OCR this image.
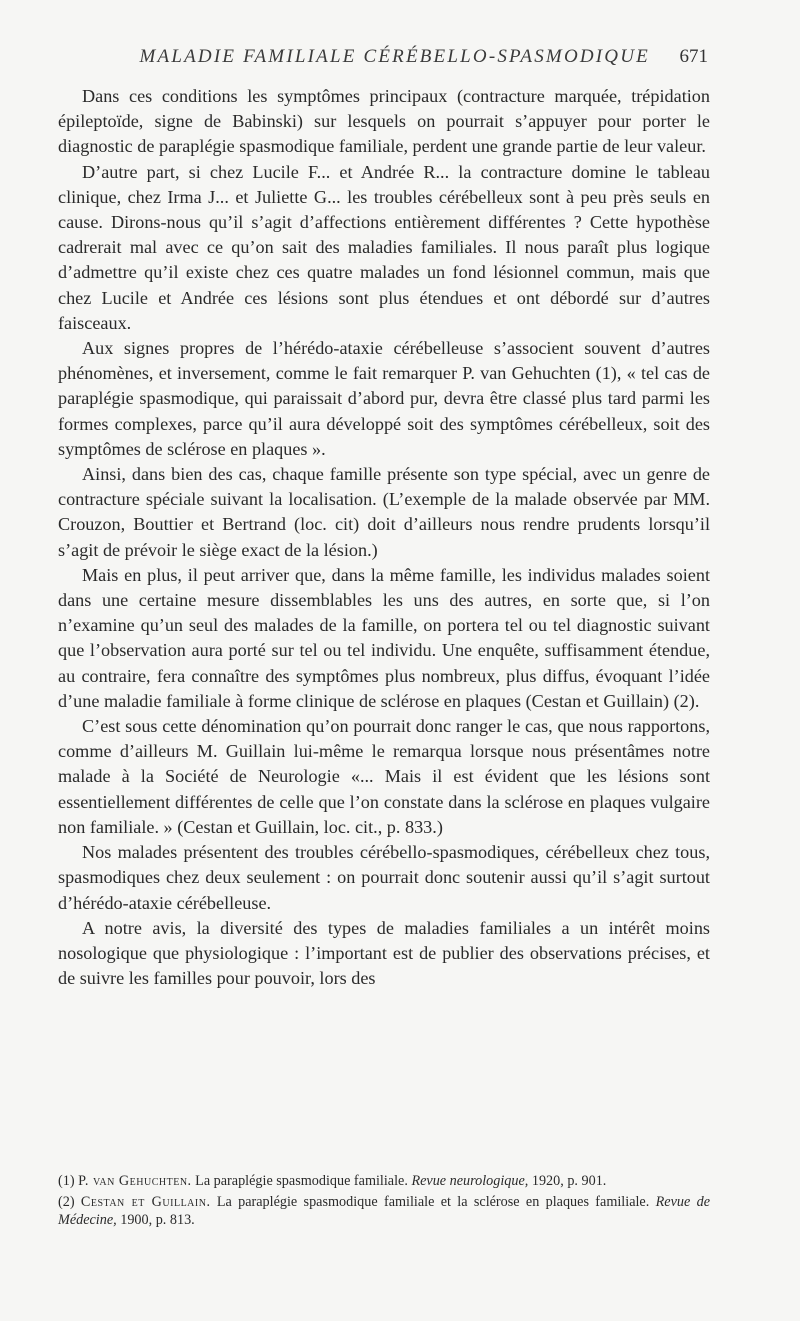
MALADIE FAMILIALE CÉRÉBELLO-SPASMODIQUE	671

Dans ces conditions les symptômes principaux (contracture marquée, trépidation épileptoïde, signe de Babinski) sur lesquels on pourrait s’appuyer pour porter le diagnostic de paraplégie spasmodique familiale, perdent une grande partie de leur valeur.

D’autre part, si chez Lucile F... et Andrée R... la contracture domine le tableau clinique, chez Irma J... et Juliette G... les troubles cérébelleux sont à peu près seuls en cause. Dirons-nous qu’il s’agit d’affections entièrement différentes ? Cette hypothèse cadrerait mal avec ce qu’on sait des maladies familiales. Il nous paraît plus logique d’admettre qu’il existe chez ces quatre malades un fond lésionnel commun, mais que chez Lucile et Andrée ces lésions sont plus étendues et ont débordé sur d’autres faisceaux.

Aux signes propres de l’hérédo-ataxie cérébelleuse s’associent souvent d’autres phénomènes, et inversement, comme le fait remarquer P. van Gehuchten (1), « tel cas de paraplégie spasmodique, qui paraissait d’abord pur, devra être classé plus tard parmi les formes complexes, parce qu’il aura développé soit des symptômes cérébelleux, soit des symptômes de sclérose en plaques ».

Ainsi, dans bien des cas, chaque famille présente son type spécial, avec un genre de contracture spéciale suivant la localisation. (L’exemple de la malade observée par MM. Crouzon, Bouttier et Bertrand (loc. cit) doit d’ailleurs nous rendre prudents lorsqu’il s’agit de prévoir le siège exact de la lésion.)

Mais en plus, il peut arriver que, dans la même famille, les individus malades soient dans une certaine mesure dissemblables les uns des autres, en sorte que, si l’on n’examine qu’un seul des malades de la famille, on portera tel ou tel diagnostic suivant que l’observation aura porté sur tel ou tel individu. Une enquête, suffisamment étendue, au contraire, fera connaître des symptômes plus nombreux, plus diffus, évoquant l’idée d’une maladie familiale à forme clinique de sclérose en plaques (Cestan et Guillain) (2).

C’est sous cette dénomination qu’on pourrait donc ranger le cas, que nous rapportons, comme d’ailleurs M. Guillain lui-même le remarqua lorsque nous présentâmes notre malade à la Société de Neurologie «... Mais il est évident que les lésions sont essentiellement différentes de celle que l’on constate dans la sclérose en plaques vulgaire non familiale. » (Cestan et Guillain, loc. cit., p. 833.)

Nos malades présentent des troubles cérébello-spasmodiques, cérébelleux chez tous, spasmodiques chez deux seulement : on pourrait donc soutenir aussi qu’il s’agit surtout d’hérédo-ataxie cérébelleuse.

A notre avis, la diversité des types de maladies familiales a un intérêt moins nosologique que physiologique : l’important est de publier des observations précises, et de suivre les familles pour pouvoir, lors des

(1) P. van Gehuchten. La paraplégie spasmodique familiale. Revue neurologique, 1920, p. 901.

(2) Cestan et Guillain. La paraplégie spasmodique familiale et la sclérose en plaques familiale. Revue de Médecine, 1900, p. 813.
